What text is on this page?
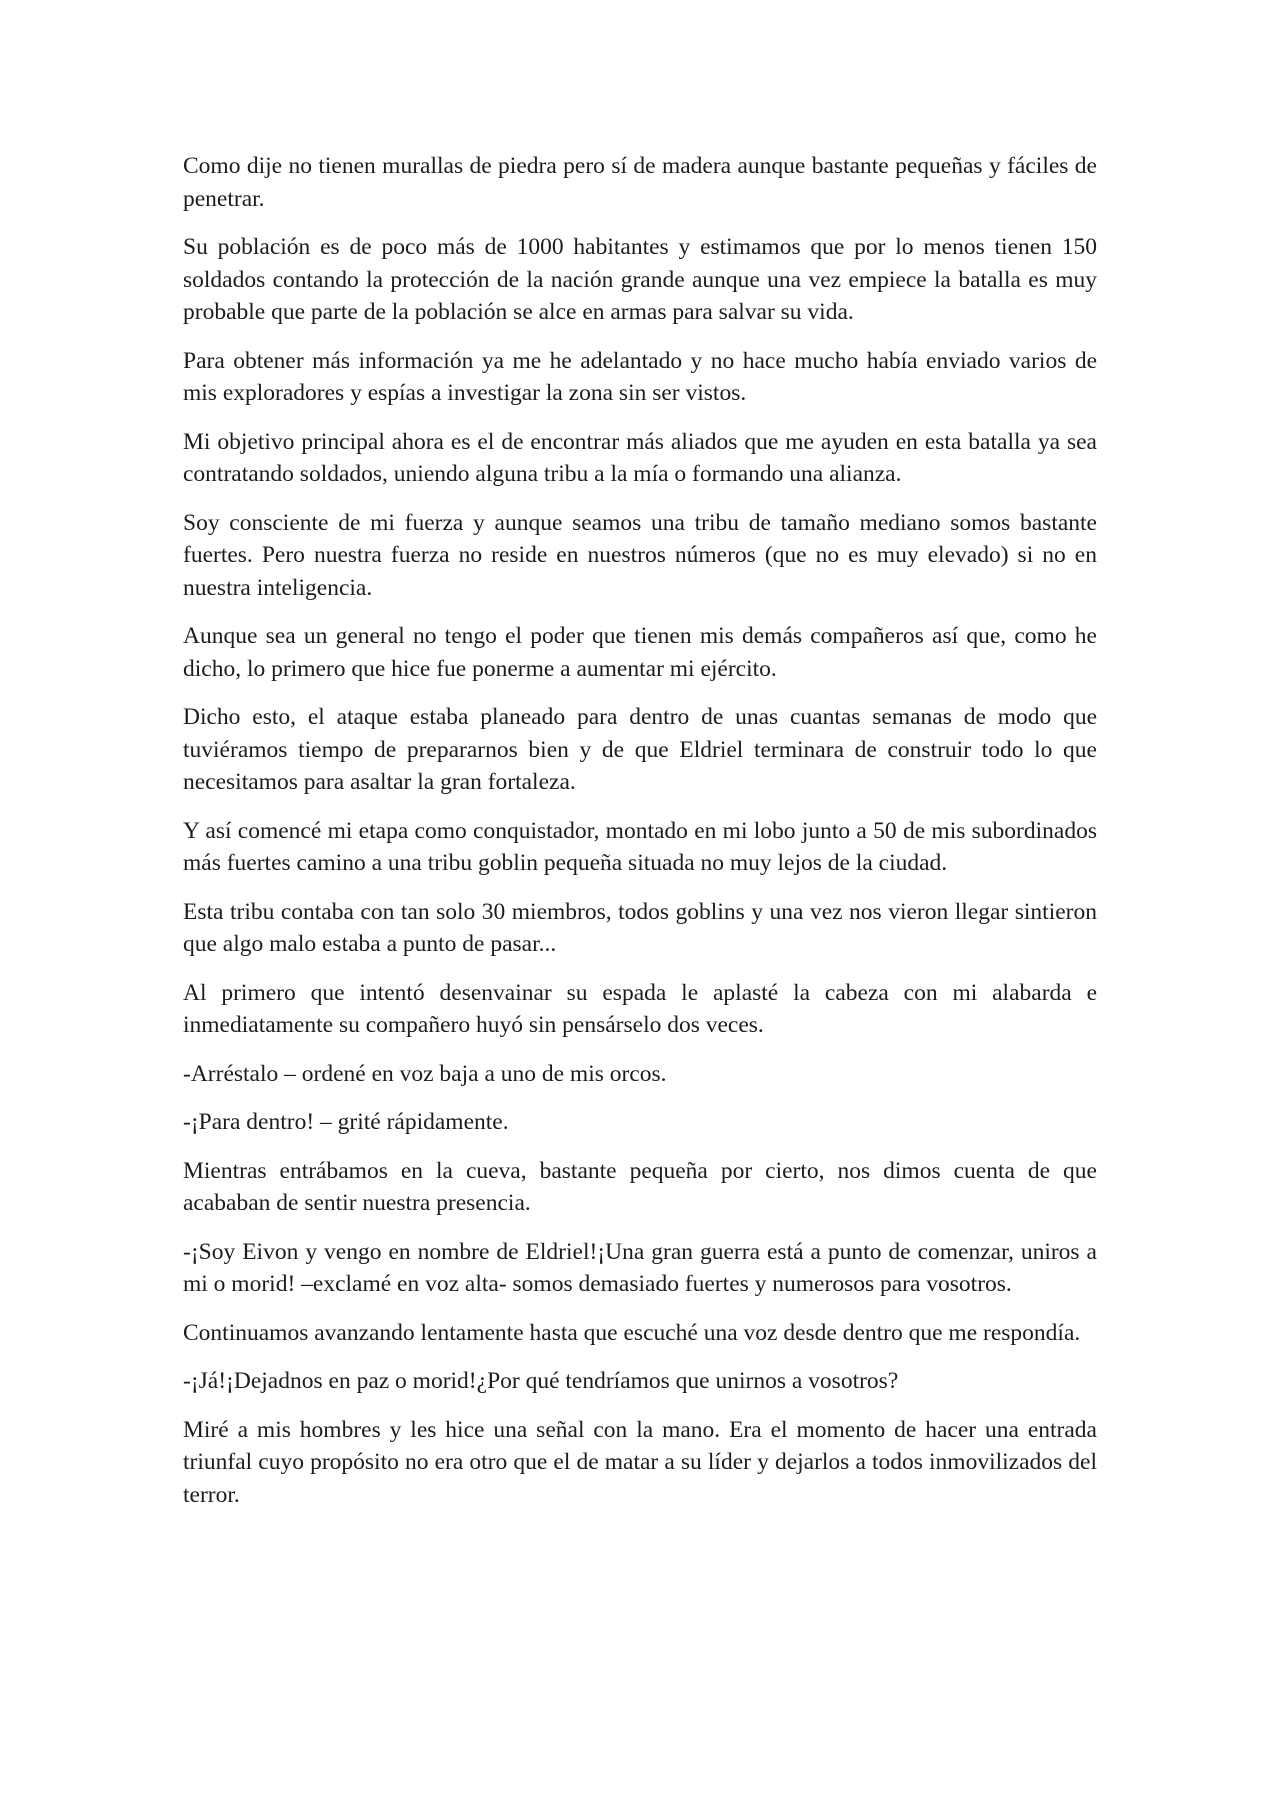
Como dije no tienen murallas de piedra pero sí de madera aunque bastante pequeñas y fáciles de penetrar.

Su población es de poco más de 1000 habitantes y estimamos que por lo menos tienen 150 soldados contando la protección de la nación grande aunque una vez empiece la batalla es muy probable que parte de la población se alce en armas para salvar su vida.

Para obtener más información ya me he adelantado y no hace mucho había enviado varios de mis exploradores y espías a investigar la zona sin ser vistos.

Mi objetivo principal ahora es el de encontrar más aliados que me ayuden en esta batalla ya sea contratando soldados, uniendo alguna tribu a la mía o formando una alianza.

Soy consciente de mi fuerza y aunque seamos una tribu de tamaño mediano somos bastante fuertes. Pero nuestra fuerza no reside en nuestros números (que no es muy elevado) si no en nuestra inteligencia.

Aunque sea un general no tengo el poder que tienen mis demás compañeros así que, como he dicho, lo primero que hice fue ponerme a aumentar mi ejército.

Dicho esto, el ataque estaba planeado para dentro de unas cuantas semanas de modo que tuviéramos tiempo de prepararnos bien y de que Eldriel terminara de construir todo lo que necesitamos para asaltar la gran fortaleza.

Y así comencé mi etapa como conquistador, montado en mi lobo junto a 50 de mis subordinados más fuertes camino a una tribu goblin pequeña situada no muy lejos de la ciudad.

Esta tribu contaba con tan solo 30 miembros, todos goblins y una vez nos vieron llegar sintieron que algo malo estaba a punto de pasar...

Al primero que intentó desenvainar su espada le aplasté la cabeza con mi alabarda e inmediatamente su compañero huyó sin pensárselo dos veces.

-Arréstalo – ordené en voz baja a uno de mis orcos.

-¡Para dentro! – grité rápidamente.

Mientras entrábamos en la cueva, bastante pequeña por cierto, nos dimos cuenta de que acababan de sentir nuestra presencia.

-¡Soy Eivon y vengo en nombre de Eldriel!¡Una gran guerra está a punto de comenzar, uniros a mi o morid! –exclamé en voz alta- somos demasiado fuertes y numerosos para vosotros.

Continuamos avanzando lentamente hasta que escuché una voz desde dentro que me respondía.

-¡Já!¡Dejadnos en paz o morid!¿Por qué tendríamos que unirnos a vosotros?

Miré a mis hombres y les hice una señal con la mano. Era el momento de hacer una entrada triunfal cuyo propósito no era otro que el de matar a su líder y dejarlos a todos inmovilizados del terror.
